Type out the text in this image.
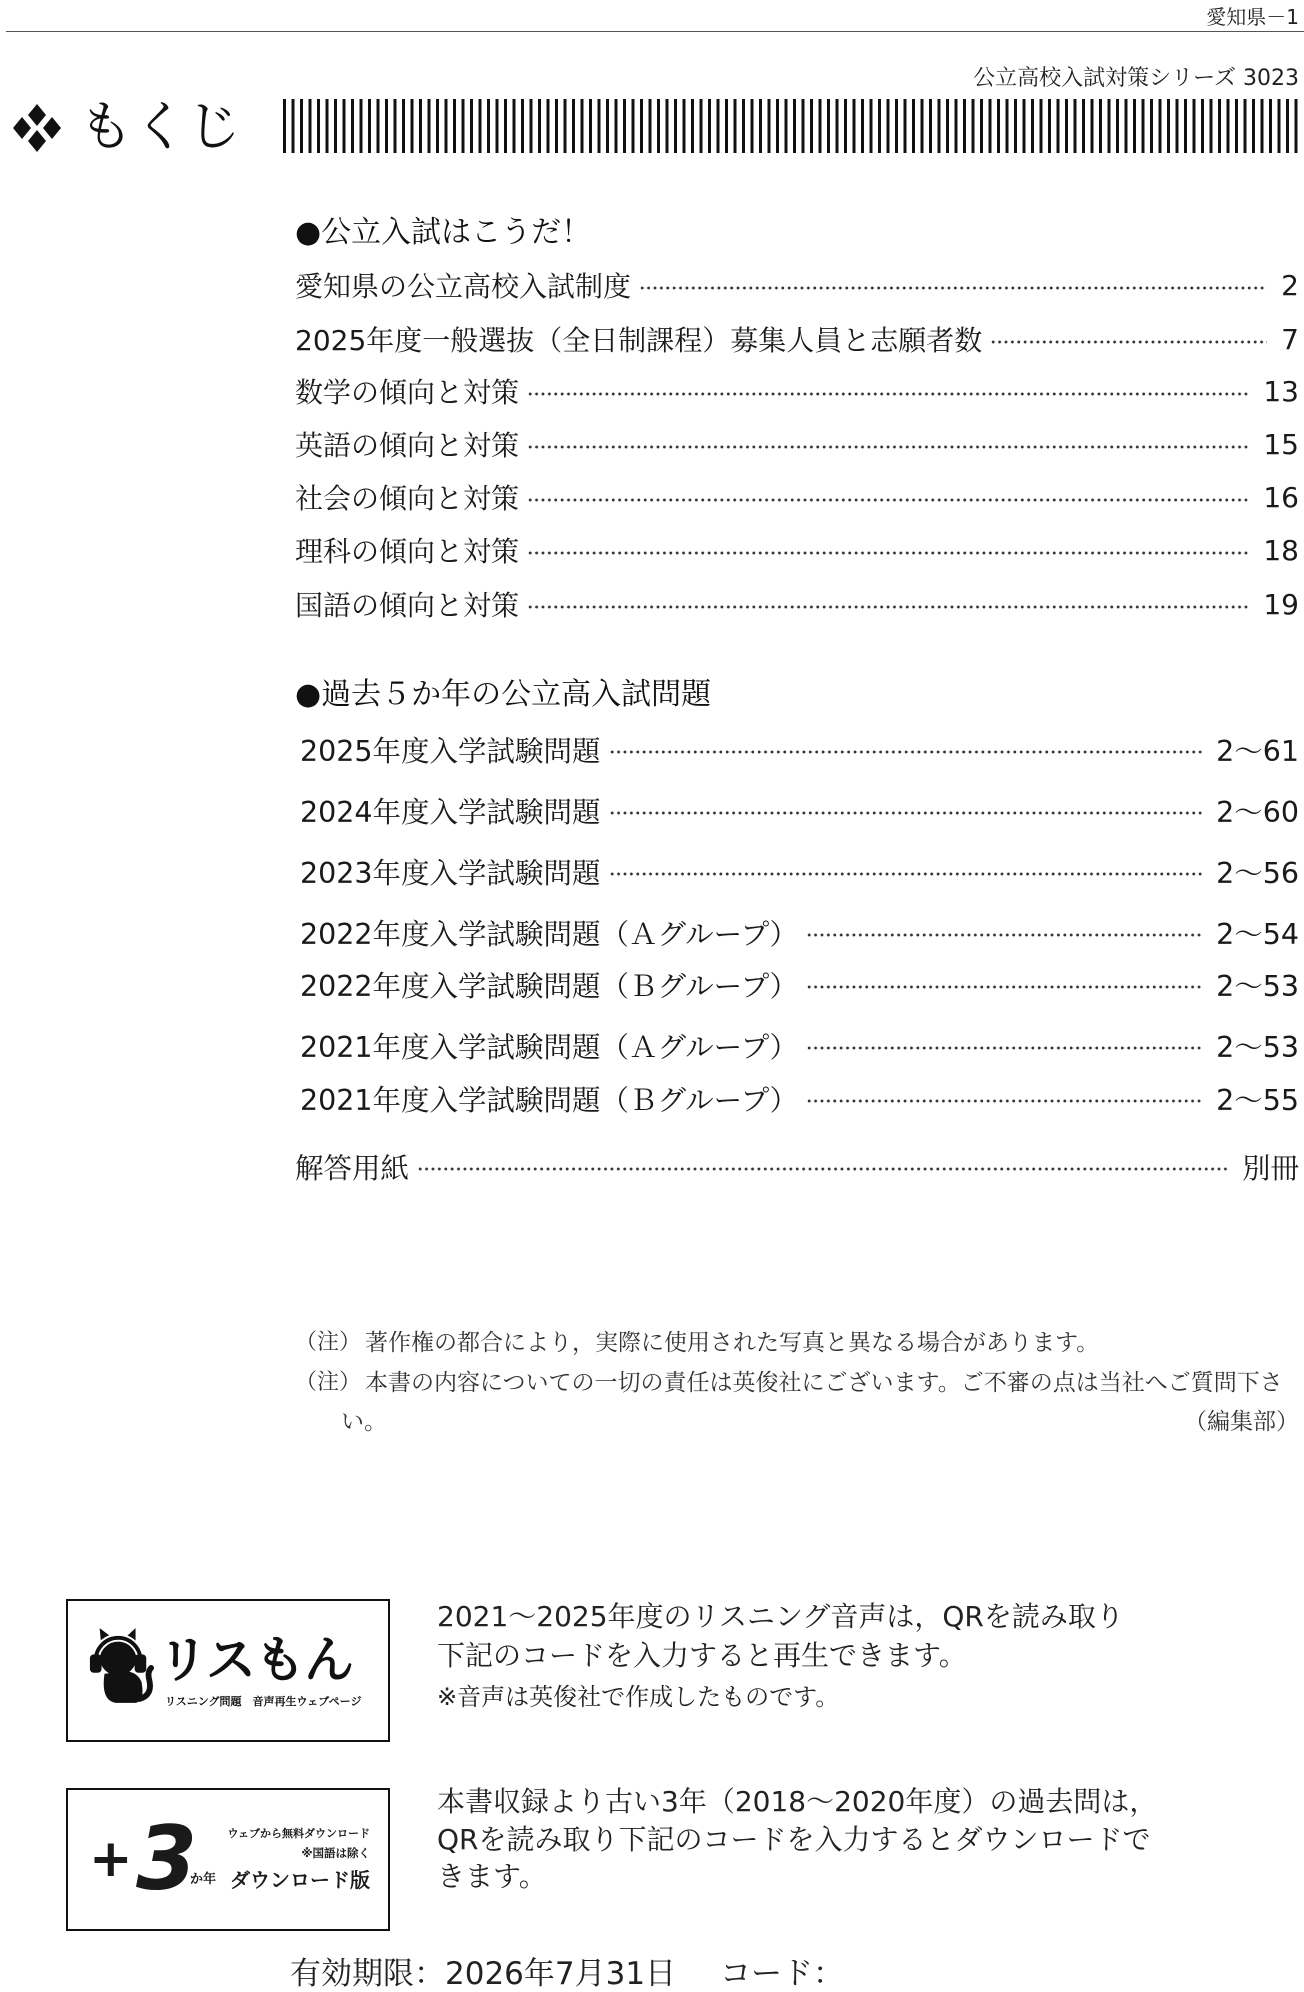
愛知県－1
公立高校入試対策シリーズ 3023
もくじ
●公立入試はこうだ！
愛知県の公立高校入試制度	2
2025年度一般選抜（全日制課程）募集人員と志願者数	7
数学の傾向と対策	13
英語の傾向と対策	15
社会の傾向と対策	16
理科の傾向と対策	18
国語の傾向と対策	19
●過去５か年の公立高入試問題
2025年度入学試験問題	2～61
2024年度入学試験問題	2～60
2023年度入学試験問題	2～56
2022年度入学試験問題（Ａグループ）	2～54
2022年度入学試験問題（Ｂグループ）	2～53
2021年度入学試験問題（Ａグループ）	2～53
2021年度入学試験問題（Ｂグループ）	2～55
解答用紙	別冊
（注） 著作権の都合により，実際に使用された写真と異なる場合があります。
（注） 本書の内容についての一切の責任は英俊社にございます。ご不審の点は当社へご質問下さ
い。	（編集部）
リスもん
リスニング問題　音声再生ウェブページ
2021～2025年度のリスニング音声は，QRを読み取り
下記のコードを入力すると再生できます。
※音声は英俊社で作成したものです。
ウェブから無料ダウンロード
※国語は除く
+ 3
か年 ダウンロード版
本書収録より古い3年（2018～2020年度）の過去問は，
QRを読み取り下記のコードを入力するとダウンロードで
きます。
有効期限：2026年7月31日 コード：
